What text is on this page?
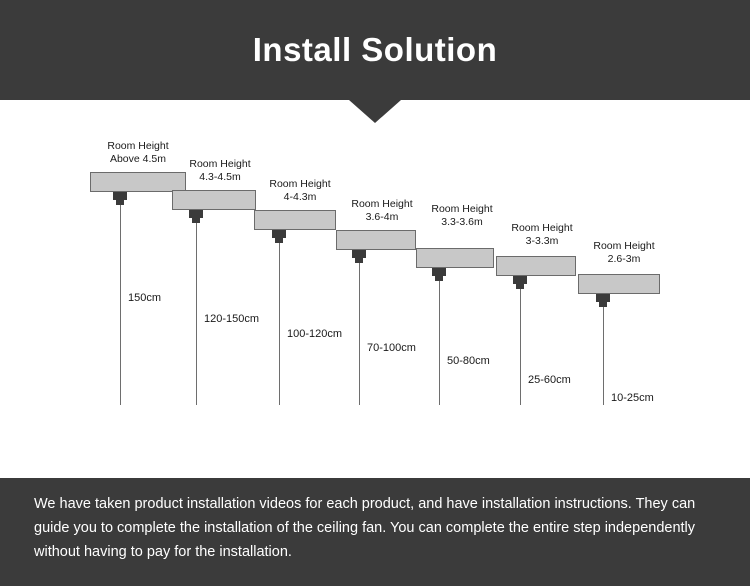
Install Solution
Room Height
Above 4.5m
150cm
Room Height
4.3-4.5m
120-150cm
Room Height
4-4.3m
100-120cm
Room Height
3.6-4m
70-100cm
Room Height
3.3-3.6m
50-80cm
Room Height
3-3.3m
25-60cm
Room Height
2.6-3m
10-25cm
We have taken product installation videos for each product, and have installation instructions. They can guide you to complete the installation of the ceiling fan. You can complete the entire step independently without having to pay for the installation.
